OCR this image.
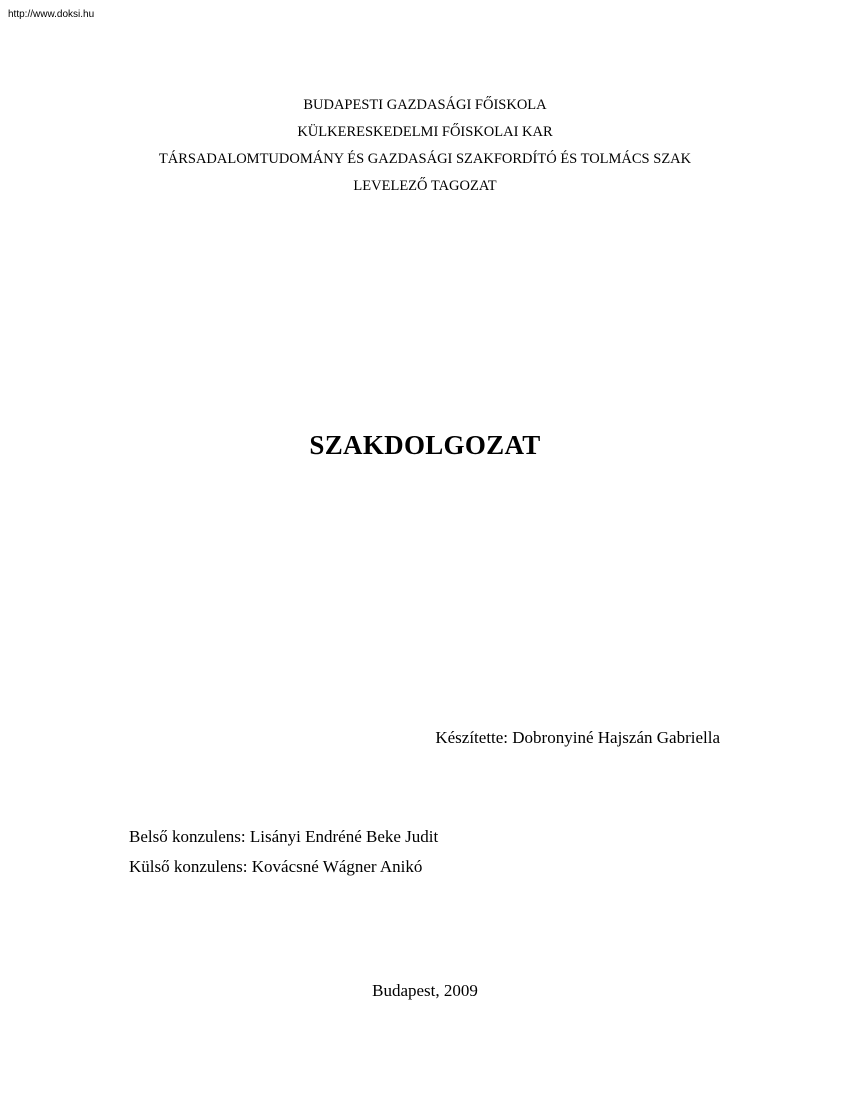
http://www.doksi.hu
BUDAPESTI GAZDASÁGI FŐISKOLA
KÜLKERESKEDELMI FŐISKOLAI KAR
TÁRSADALOMTUDOMÁNY ÉS GAZDASÁGI SZAKFORDÍTÓ ÉS TOLMÁCS SZAK
LEVELEZŐ TAGOZAT
SZAKDOLGOZAT
Készítette: Dobronyiné Hajszán Gabriella
Belső konzulens: Lisányi Endréné Beke Judit
Külső konzulens: Kovácsné Wágner Anikó
Budapest, 2009
